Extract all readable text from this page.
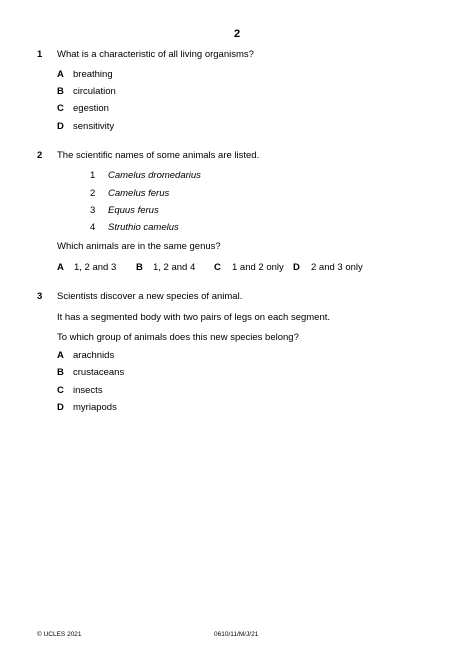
2
1 What is a characteristic of all living organisms?
A breathing
B circulation
C egestion
D sensitivity
2 The scientific names of some animals are listed.
1 Camelus dromedarius
2 Camelus ferus
3 Equus ferus
4 Struthio camelus
Which animals are in the same genus?
A 1, 2 and 3 B 1, 2 and 4 C 1 and 2 only D 2 and 3 only
3 Scientists discover a new species of animal.
It has a segmented body with two pairs of legs on each segment.
To which group of animals does this new species belong?
A arachnids
B crustaceans
C insects
D myriapods
© UCLES 2021	0610/11/M/J/21
